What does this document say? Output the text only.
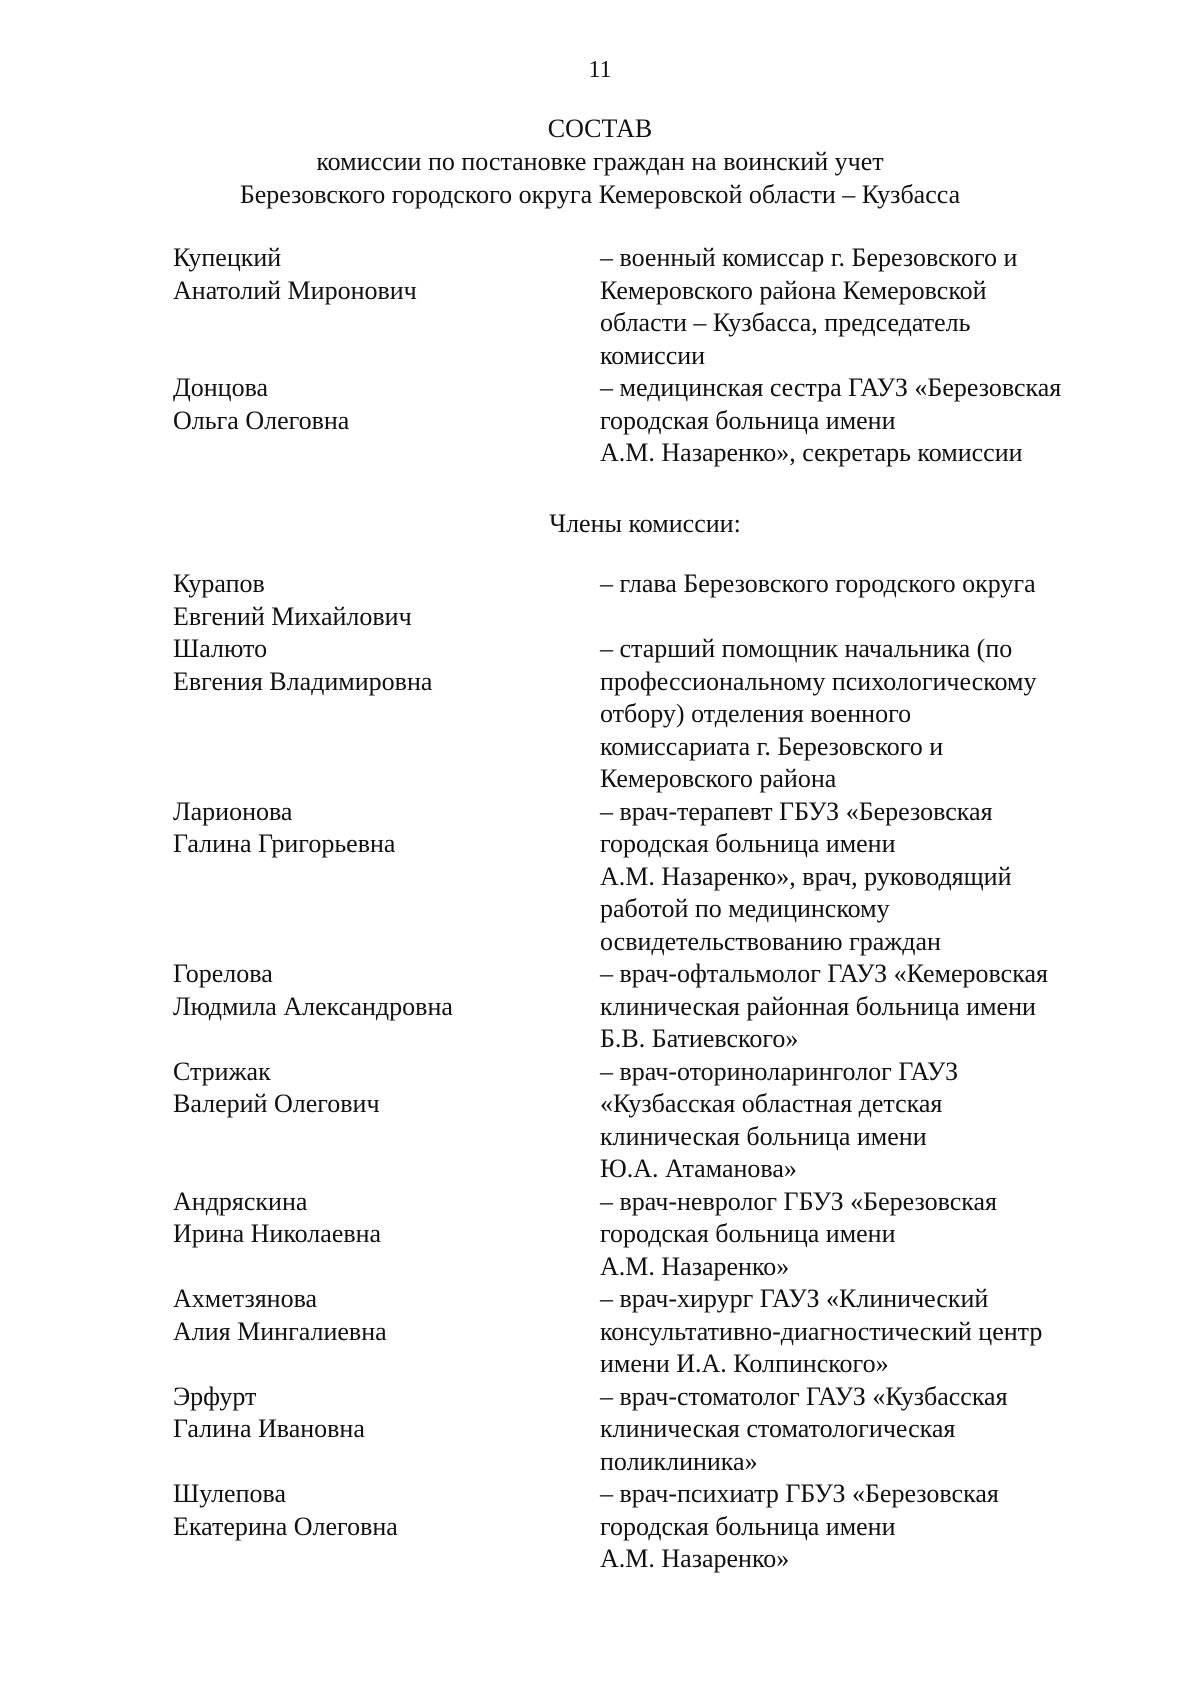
11
СОСТАВ
комиссии по постановке граждан на воинский учет
Березовского городского округа Кемеровской области – Кузбасса
Купецкий
Анатолий Миронович
– военный комиссар г. Березовского и
Кемеровского района Кемеровской
области – Кузбасса, председатель
комиссии
Донцова
Ольга Олеговна
– медицинская сестра ГАУЗ «Березовская
городская больница имени
А.М. Назаренко», секретарь комиссии
Члены комиссии:
Курапов
Евгений Михайлович
– глава Березовского городского округа
Шалюто
Евгения Владимировна
– старший помощник начальника (по
профессиональному психологическому
отбору) отделения военного
комиссариата г. Березовского и
Кемеровского района
Ларионова
Галина Григорьевна
– врач-терапевт ГБУЗ «Березовская
городская больница имени
А.М. Назаренко», врач, руководящий
работой по медицинскому
освидетельствованию граждан
Горелова
Людмила Александровна
– врач-офтальмолог ГАУЗ «Кемеровская
клиническая районная больница имени
Б.В. Батиевского»
Стрижак
Валерий Олегович
– врач-оториноларинголог ГАУЗ
«Кузбасская областная детская
клиническая больница имени
Ю.А. Атаманова»
Андряскина
Ирина Николаевна
– врач-невролог ГБУЗ «Березовская
городская больница имени
А.М. Назаренко»
Ахметзянова
Алия Мингалиевна
– врач-хирург ГАУЗ «Клинический
консультативно-диагностический центр
имени И.А. Колпинского»
Эрфурт
Галина Ивановна
– врач-стоматолог ГАУЗ «Кузбасская
клиническая стоматологическая
поликлиника»
Шулепова
Екатерина Олеговна
– врач-психиатр ГБУЗ «Березовская
городская больница имени
А.М. Назаренко»
